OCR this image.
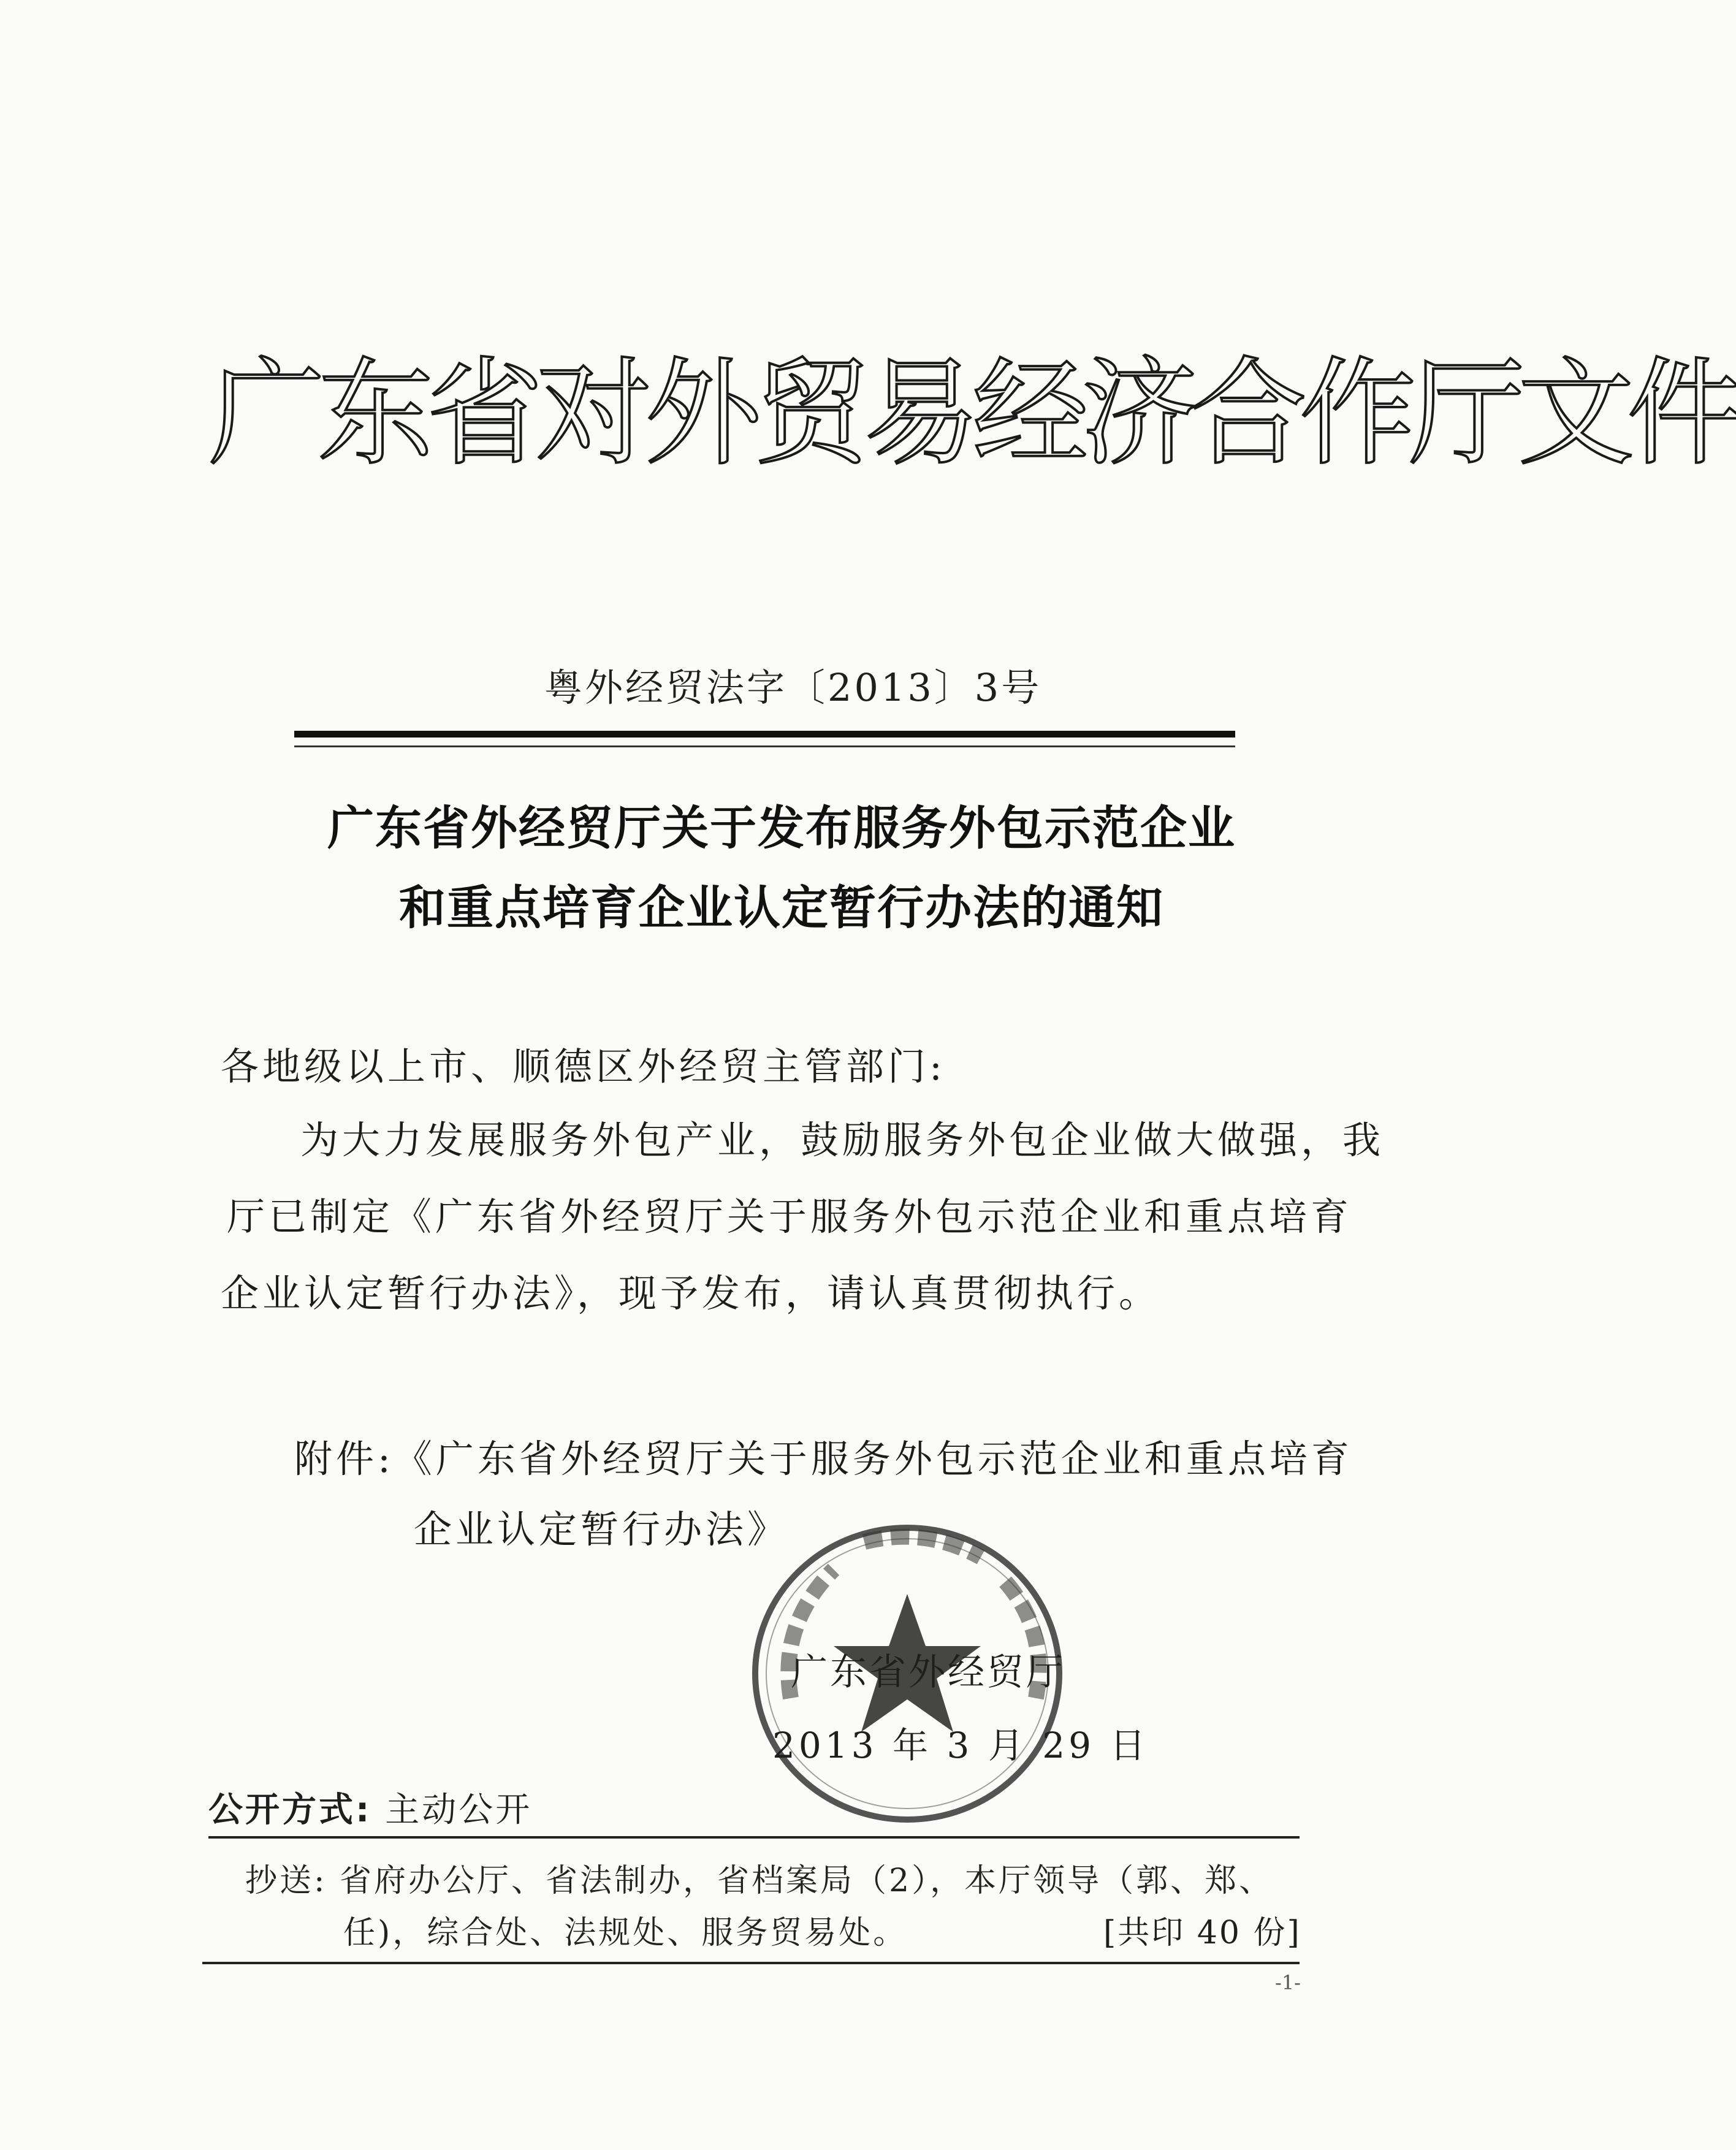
广东省对外贸易经济合作厅文件
粤外经贸法字〔2013〕3号
广东省外经贸厅关于发布服务外包示范企业
和重点培育企业认定暂行办法的通知
各地级以上市、顺德区外经贸主管部门:
为大力发展服务外包产业，鼓励服务外包企业做大做强，我
厅已制定《广东省外经贸厅关于服务外包示范企业和重点培育
企业认定暂行办法》，现予发布，请认真贯彻执行。
附件:《广东省外经贸厅关于服务外包示范企业和重点培育
企业认定暂行办法》
广东省外经贸厅
2013 年 3 月 29 日
公开方式: 主动公开
抄送: 省府办公厅、省法制办，省档案局（2），本厅领导（郭、郑、
任)，综合处、法规处、服务贸易处。	[共印 40 份]
-1-
